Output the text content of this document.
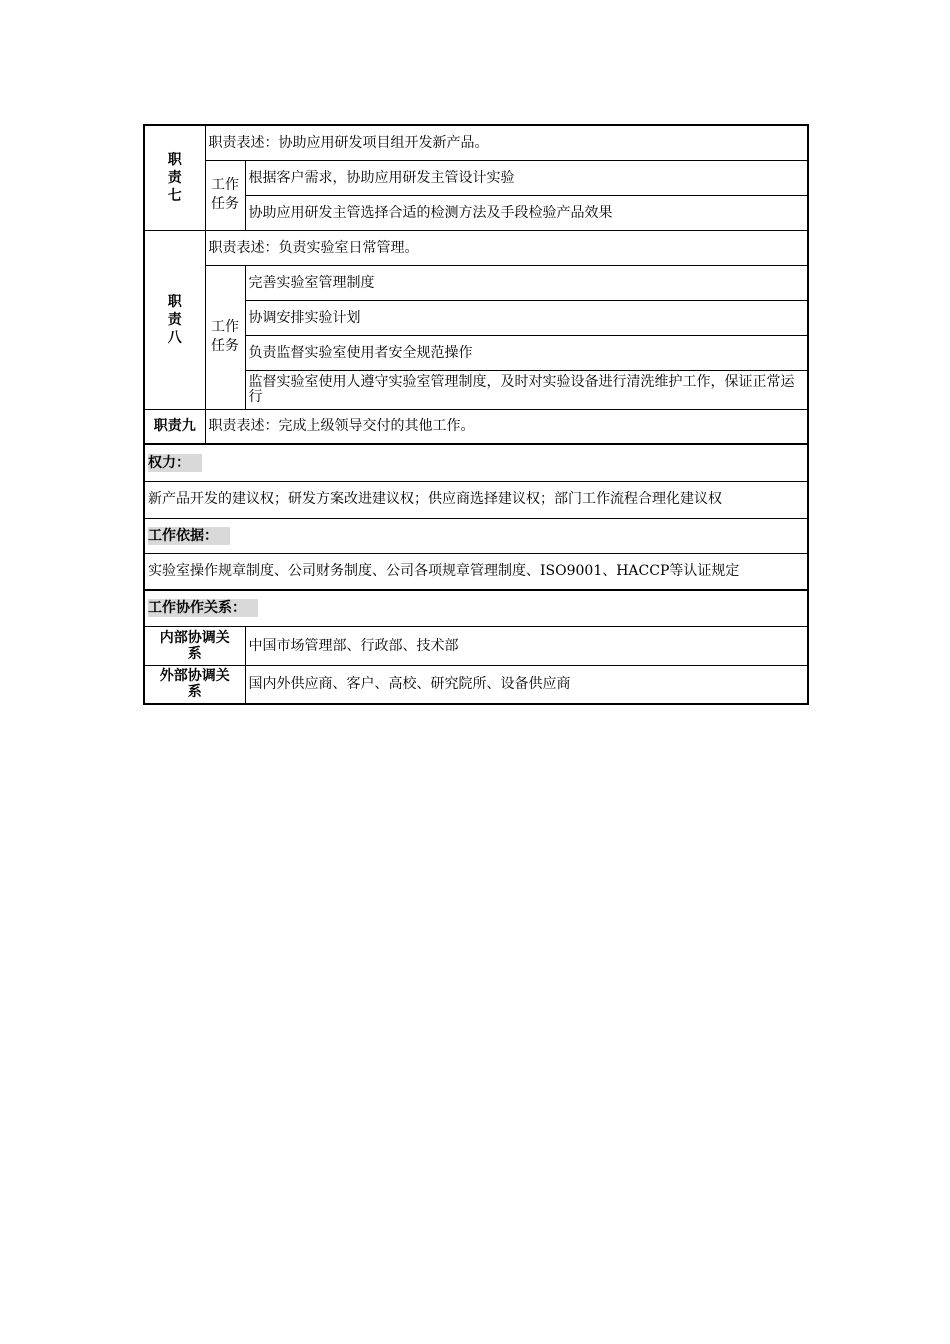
职责七	职责表述：协助应用研发项目组开发新产品。	
	工作任务	根据客户需求，协助应用研发主管设计实验
		协助应用研发主管选择合适的检测方法及手段检验产品效果
职责八	职责表述：负责实验室日常管理。	
	工作任务	完善实验室管理制度
		协调安排实验计划
		负责监督实验室使用者安全规范操作
		监督实验室使用人遵守实验室管理制度，及时对实验设备进行清洗维护工作，保证正常运行
职责九	职责表述：完成上级领导交付的其他工作。	
权力：		
新产品开发的建议权；研发方案改进建议权；供应商选择建议权；部门工作流程合理化建议权		
工作依据：		
实验室操作规章制度、公司财务制度、公司各项规章管理制度、ISO9001、HACCP等认证规定		
工作协作关系：		
内部协调关系		中国市场管理部、行政部、技术部
外部协调关系		国内外供应商、客户、高校、研究院所、设备供应商
